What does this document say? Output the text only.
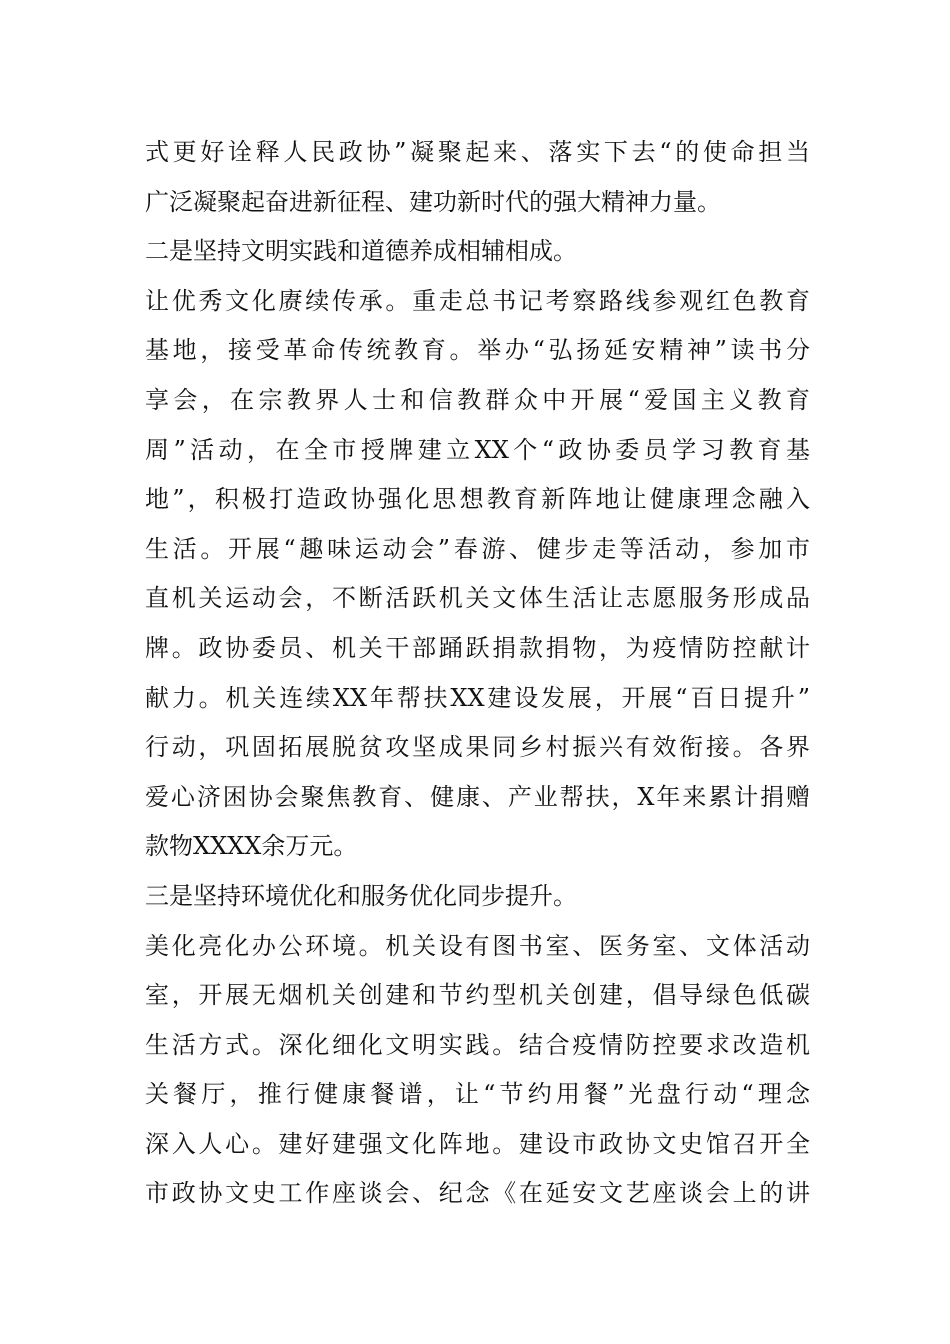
式更好诠释人民政协”凝聚起来、落实下去“的使命担当
广泛凝聚起奋进新征程、建功新时代的强大精神力量。
二是坚持文明实践和道德养成相辅相成。
让优秀文化赓续传承。重走总书记考察路线参观红色教育
基地，接受革命传统教育。举办“弘扬延安精神”读书分
享会，在宗教界人士和信教群众中开展“爱国主义教育
周”活动，在全市授牌建立XX个“政协委员学习教育基
地”，积极打造政协强化思想教育新阵地让健康理念融入
生活。开展“趣味运动会”春游、健步走等活动，参加市
直机关运动会，不断活跃机关文体生活让志愿服务形成品
牌。政协委员、机关干部踊跃捐款捐物，为疫情防控献计
献力。机关连续XX年帮扶XX建设发展，开展“百日提升”
行动，巩固拓展脱贫攻坚成果同乡村振兴有效衔接。各界
爱心济困协会聚焦教育、健康、产业帮扶，X年来累计捐赠
款物XXXX余万元。
三是坚持环境优化和服务优化同步提升。
美化亮化办公环境。机关设有图书室、医务室、文体活动
室，开展无烟机关创建和节约型机关创建，倡导绿色低碳
生活方式。深化细化文明实践。结合疫情防控要求改造机
关餐厅，推行健康餐谱，让“节约用餐”光盘行动“理念
深入人心。建好建强文化阵地。建设市政协文史馆召开全
市政协文史工作座谈会、纪念《在延安文艺座谈会上的讲
